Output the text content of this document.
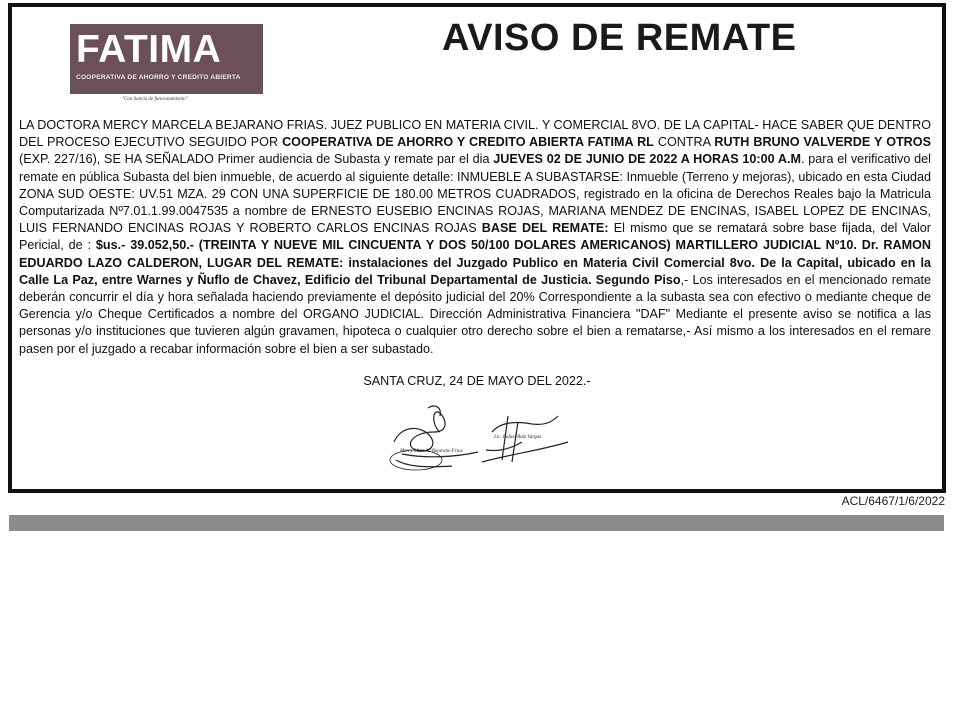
FATIMA
COOPERATIVA DE AHORRO Y CREDITO ABIERTA
"Con Sancio de funcionamiento"
AVISO DE REMATE

LA DOCTORA MERCY MARCELA BEJARANO FRIAS. JUEZ PUBLICO EN MATERIA CIVIL. Y COMERCIAL 8VO. DE LA CAPITAL- HACE SABER QUE DENTRO DEL PROCESO EJECUTIVO SEGUIDO POR COOPERATIVA DE AHORRO Y CREDITO ABIERTA FATIMA RL CONTRA RUTH BRUNO VALVERDE Y OTROS (EXP. 227/16), SE HA SEÑALADO Primer audiencia de Subasta y remate par el dia JUEVES 02 DE JUNIO DE 2022 A HORAS 10:00 A.M. para el verificativo del remate en pública Subasta del bien inmueble, de acuerdo al siguiente detalle: INMUEBLE A SUBASTARSE: Inmueble (Terreno y mejoras), ubicado en esta Ciudad ZONA SUD OESTE: UV.51 MZA. 29 CON UNA SUPERFICIE DE 180.00 METROS CUADRADOS, registrado en la oficina de Derechos Reales bajo la Matricula Computarizada Nº7.01.1.99.0047535 a nombre de ERNESTO EUSEBIO ENCINAS ROJAS, MARIANA MENDEZ DE ENCINAS, ISABEL LOPEZ DE ENCINAS, LUIS FERNANDO ENCINAS ROJAS Y ROBERTO CARLOS ENCINAS ROJAS BASE DEL REMATE: El mismo que se rematará sobre base fijada, del Valor Pericial, de : $us.- 39.052,50.- (TREINTA Y NUEVE MIL CINCUENTA Y DOS 50/100 DOLARES AMERICANOS) MARTILLERO JUDICIAL Nº10. Dr. RAMON EDUARDO LAZO CALDERON, LUGAR DEL REMATE: instalaciones del Juzgado Publico en Materia Civil Comercial 8vo. De la Capital, ubicado en la Calle La Paz, entre Warnes y Ñuflo de Chavez, Edificio del Tribunal Departamental de Justicia. Segundo Piso,- Los interesados en el mencionado remate deberán concurrir el día y hora señalada haciendo previamente el depósito judicial del 20% Correspondiente a la subasta sea con efectivo o mediante cheque de Gerencia y/o Cheque Certificados a nombre del ORGANO JUDICIAL. Dirección Administrativa Financiera "DAF" Mediante el presente aviso se notifica a las personas y/o instituciones que tuvieren algún gravamen, hipoteca o cualquier otro derecho sobre el bien a rematarse,- Así mismo a los interesados en el remare pasen por el juzgado a recabar información sobre el bien a ser subastado.

SANTA CRUZ, 24 DE MAYO DEL 2022.-

Mercy Marcela Bejarano Frias
Lic. Rafael Ruiz Vargas
ACL/6467/1/6/2022
